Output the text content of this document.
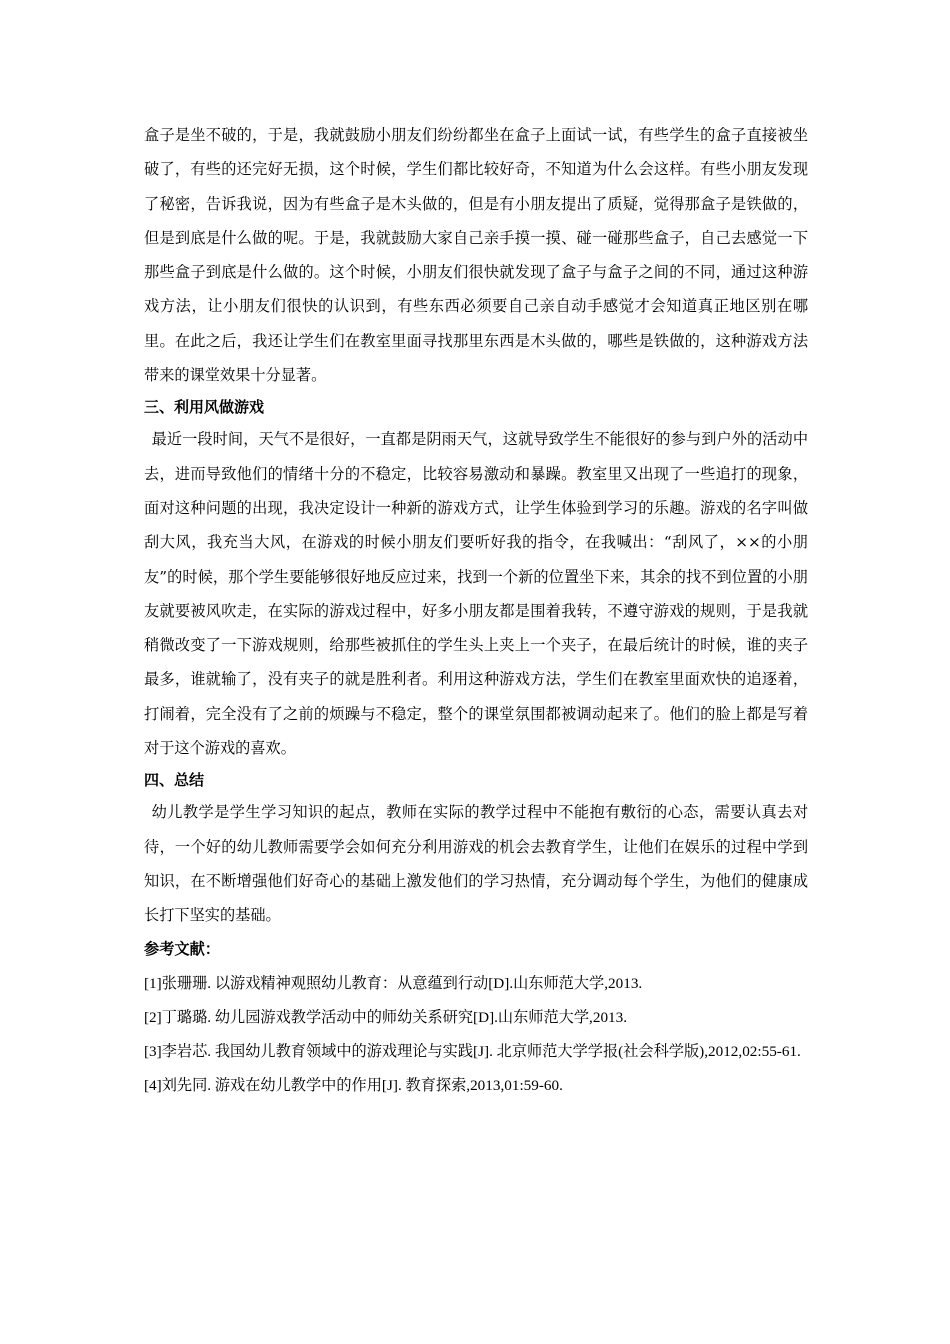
盒子是坐不破的，于是，我就鼓励小朋友们纷纷都坐在盒子上面试一试，有些学生的盒子直接被坐破了，有些的还完好无损，这个时候，学生们都比较好奇，不知道为什么会这样。有些小朋友发现了秘密，告诉我说，因为有些盒子是木头做的，但是有小朋友提出了质疑，觉得那盒子是铁做的，但是到底是什么做的呢。于是，我就鼓励大家自己亲手摸一摸、碰一碰那些盒子，自己去感觉一下那些盒子到底是什么做的。这个时候，小朋友们很快就发现了盒子与盒子之间的不同，通过这种游戏方法，让小朋友们很快的认识到，有些东西必须要自己亲自动手感觉才会知道真正地区别在哪里。在此之后，我还让学生们在教室里面寻找那里东西是木头做的，哪些是铁做的，这种游戏方法带来的课堂效果十分显著。

三、利用风做游戏

最近一段时间，天气不是很好，一直都是阴雨天气，这就导致学生不能很好的参与到户外的活动中去，进而导致他们的情绪十分的不稳定，比较容易激动和暴躁。教室里又出现了一些追打的现象，面对这种问题的出现，我决定设计一种新的游戏方式，让学生体验到学习的乐趣。游戏的名字叫做刮大风，我充当大风，在游戏的时候小朋友们要听好我的指令，在我喊出：“刮风了，××的小朋友”的时候，那个学生要能够很好地反应过来，找到一个新的位置坐下来，其余的找不到位置的小朋友就要被风吹走，在实际的游戏过程中，好多小朋友都是围着我转，不遵守游戏的规则，于是我就稍微改变了一下游戏规则，给那些被抓住的学生头上夹上一个夹子，在最后统计的时候，谁的夹子最多，谁就输了，没有夹子的就是胜利者。利用这种游戏方法，学生们在教室里面欢快的追逐着，打闹着，完全没有了之前的烦躁与不稳定，整个的课堂氛围都被调动起来了。他们的脸上都是写着对于这个游戏的喜欢。

四、总结

幼儿教学是学生学习知识的起点，教师在实际的教学过程中不能抱有敷衍的心态，需要认真去对待，一个好的幼儿教师需要学会如何充分利用游戏的机会去教育学生，让他们在娱乐的过程中学到知识，在不断增强他们好奇心的基础上激发他们的学习热情，充分调动每个学生，为他们的健康成长打下坚实的基础。

参考文献：

[1]张珊珊. 以游戏精神观照幼儿教育：从意蕴到行动[D].山东师范大学,2013.

[2]丁璐璐. 幼儿园游戏教学活动中的师幼关系研究[D].山东师范大学,2013.

[3]李岩芯. 我国幼儿教育领域中的游戏理论与实践[J]. 北京师范大学学报(社会科学版),2012,02:55-61.

[4]刘先同. 游戏在幼儿教学中的作用[J]. 教育探索,2013,01:59-60.
